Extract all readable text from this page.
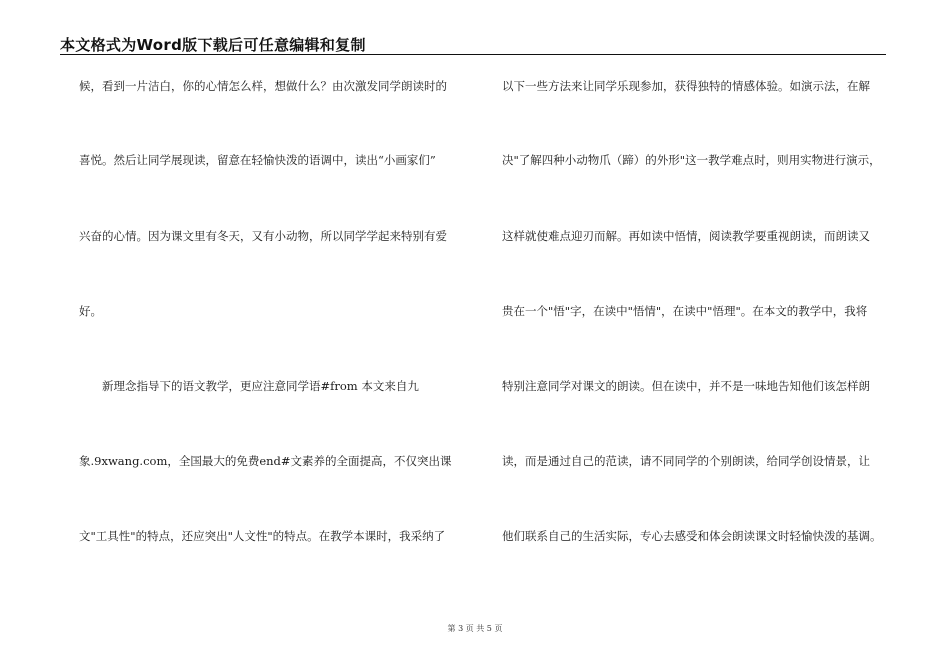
本文格式为Word版下载后可任意编辑和复制
候，看到一片洁白，你的心情怎么样，想做什么？由次激发同学朗读时的
喜悦。然后让同学展现读，留意在轻愉快泼的语调中，读出“小画家们”
兴奋的心情。因为课文里有冬天，又有小动物，所以同学学起来特别有爱
好。
新理念指导下的语文教学，更应注意同学语#from 本文来自九
象.9xwang.com，全国最大的免费end#文素养的全面提高，不仅突出课
文"工具性"的特点，还应突出"人文性"的特点。在教学本课时，我采纳了
以下一些方法来让同学乐现参加，获得独特的情感体验。如演示法，在解
决"了解四种小动物爪（蹄）的外形"这一教学难点时，则用实物进行演示，
这样就使难点迎刃而解。再如读中悟情，阅读教学要重视朗读，而朗读又
贵在一个"悟"字，在读中"悟情"，在读中"悟理"。在本文的教学中，我将
特别注意同学对课文的朗读。但在读中，并不是一味地告知他们该怎样朗
读，而是通过自己的范读，请不同同学的个别朗读，给同学创设情景，让
他们联系自己的生活实际，专心去感受和体会朗读课文时轻愉快泼的基调。
第 3 页 共 5 页
